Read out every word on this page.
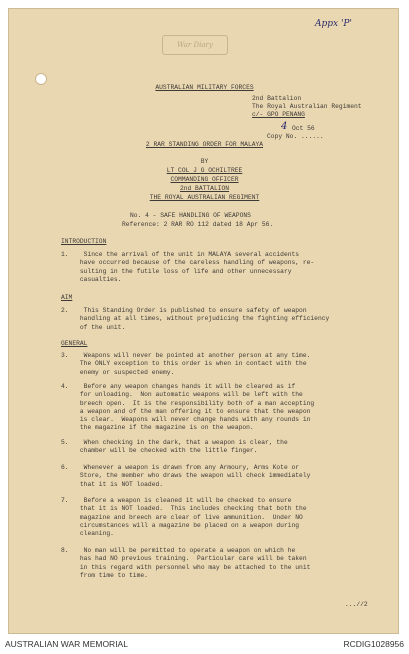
War Diary
Appx 'P'
AUSTRALIAN MILITARY FORCES
2nd Battalion
The Royal Australian Regiment
c/- GPO PENANG
4 Oct 56
Copy No. ......
2 RAR STANDING ORDER FOR MALAYA
BY
LT COL J G OCHILTREE
COMMANDING OFFICER
2nd BATTALION
THE ROYAL AUSTRALIAN REGIMENT
No. 4 - SAFE HANDLING OF WEAPONS
Reference: 2 RAR RO 112 dated 18 Apr 56.
INTRODUCTION
1.    Since the arrival of the unit in MALAYA several accidents
have occurred because of the careless handling of weapons, re-
sulting in the futile loss of life and other unnecessary
casualties.
AIM
2.    This Standing Order is published to ensure safety of weapon
handling at all times, without prejudicing the fighting efficiency
of the unit.
GENERAL
3.    Weapons will never be pointed at another person at any time.
The ONLY exception to this order is when in contact with the
enemy or suspected enemy.
4.    Before any weapon changes hands it will be cleared as if
for unloading.  Non automatic weapons will be left with the
breech open.  It is the responsibility both of a man accepting
a weapon and of the man offering it to ensure that the weapon
is clear.  Weapons will never change hands with any rounds in
the magazine if the magazine is on the weapon.
5.    When checking in the dark, that a weapon is clear, the
chamber will be checked with the little finger.
6.    Whenever a weapon is drawn from any Armoury, Arms Kote or
Store, the member who draws the weapon will check immediately
that it is NOT loaded.
7.    Before a weapon is cleaned it will be checked to ensure
that it is NOT loaded.  This includes checking that both the
magazine and breech are clear of live ammunition.  Under NO
circumstances will a magazine be placed on a weapon during
cleaning.
8.    No man will be permitted to operate a weapon on which he
has had NO previous training.  Particular care will be taken
in this regard with personnel who may be attached to the unit
from time to time.
...//2
AUSTRALIAN WAR MEMORIAL	RCDIG1028956
